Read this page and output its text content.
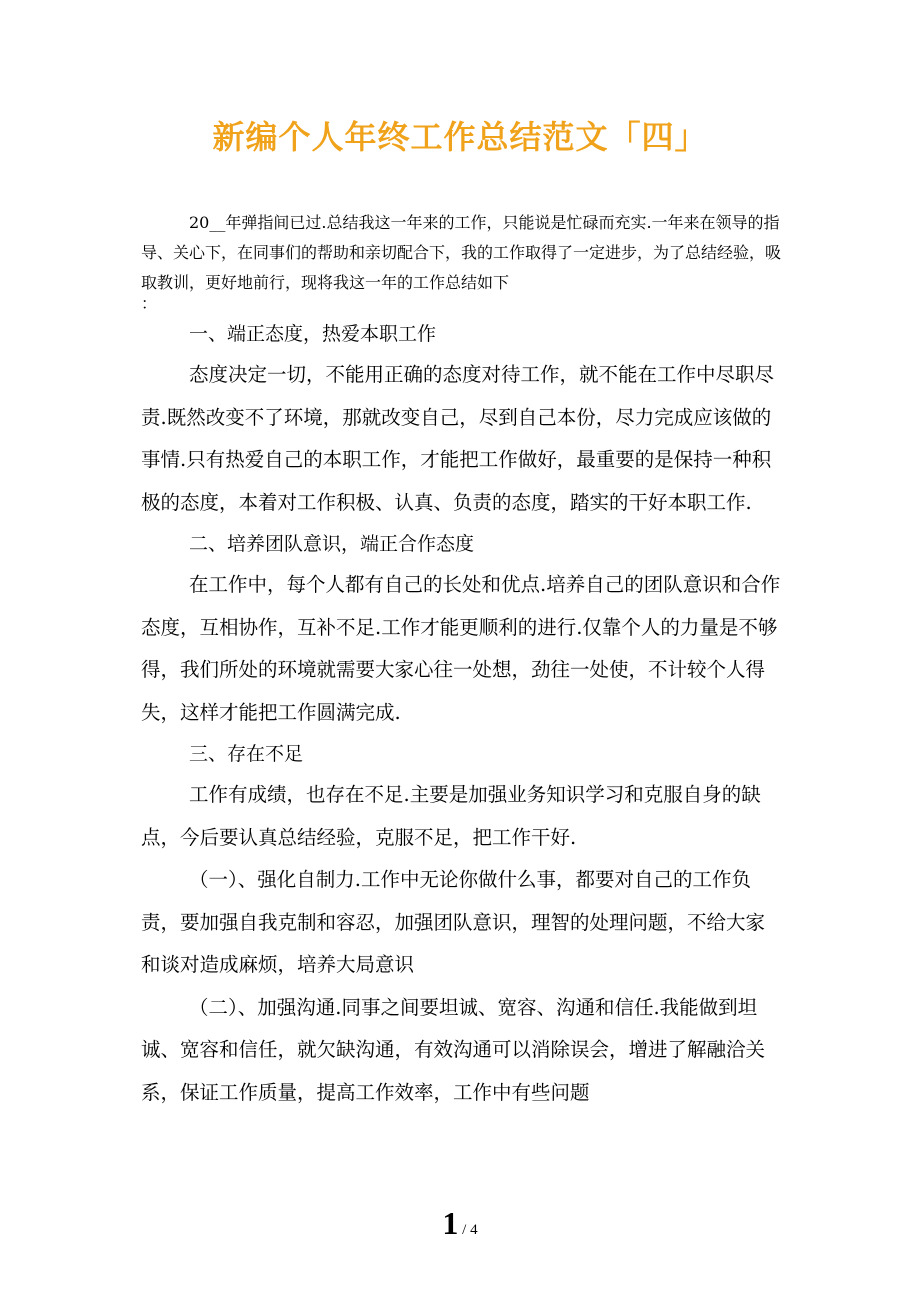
新编个人年终工作总结范文「四」

20__年弹指间已过.总结我这一年来的工作，只能说是忙碌而充实.一年来在领导的指导、关心下，在同事们的帮助和亲切配合下，我的工作取得了一定进步，为了总结经验，吸取教训，更好地前行，现将我这一年的工作总结如下

：

一、端正态度，热爱本职工作

态度决定一切，不能用正确的态度对待工作，就不能在工作中尽职尽责.既然改变不了环境，那就改变自己，尽到自己本份，尽力完成应该做的事情.只有热爱自己的本职工作，才能把工作做好，最重要的是保持一种积极的态度，本着对工作积极、认真、负责的态度，踏实的干好本职工作.

二、培养团队意识，端正合作态度

在工作中，每个人都有自己的长处和优点.培养自己的团队意识和合作态度，互相协作，互补不足.工作才能更顺利的进行.仅靠个人的力量是不够得，我们所处的环境就需要大家心往一处想，劲往一处使，不计较个人得失，这样才能把工作圆满完成.

三、存在不足

工作有成绩，也存在不足.主要是加强业务知识学习和克服自身的缺点，今后要认真总结经验，克服不足，把工作干好.

（一）、强化自制力.工作中无论你做什么事，都要对自己的工作负责，要加强自我克制和容忍，加强团队意识，理智的处理问题，不给大家和谈对造成麻烦，培养大局意识

（二）、加强沟通.同事之间要坦诚、宽容、沟通和信任.我能做到坦诚、宽容和信任，就欠缺沟通，有效沟通可以消除误会，增进了解融洽关系，保证工作质量，提高工作效率，工作中有些问题

1 / 4
